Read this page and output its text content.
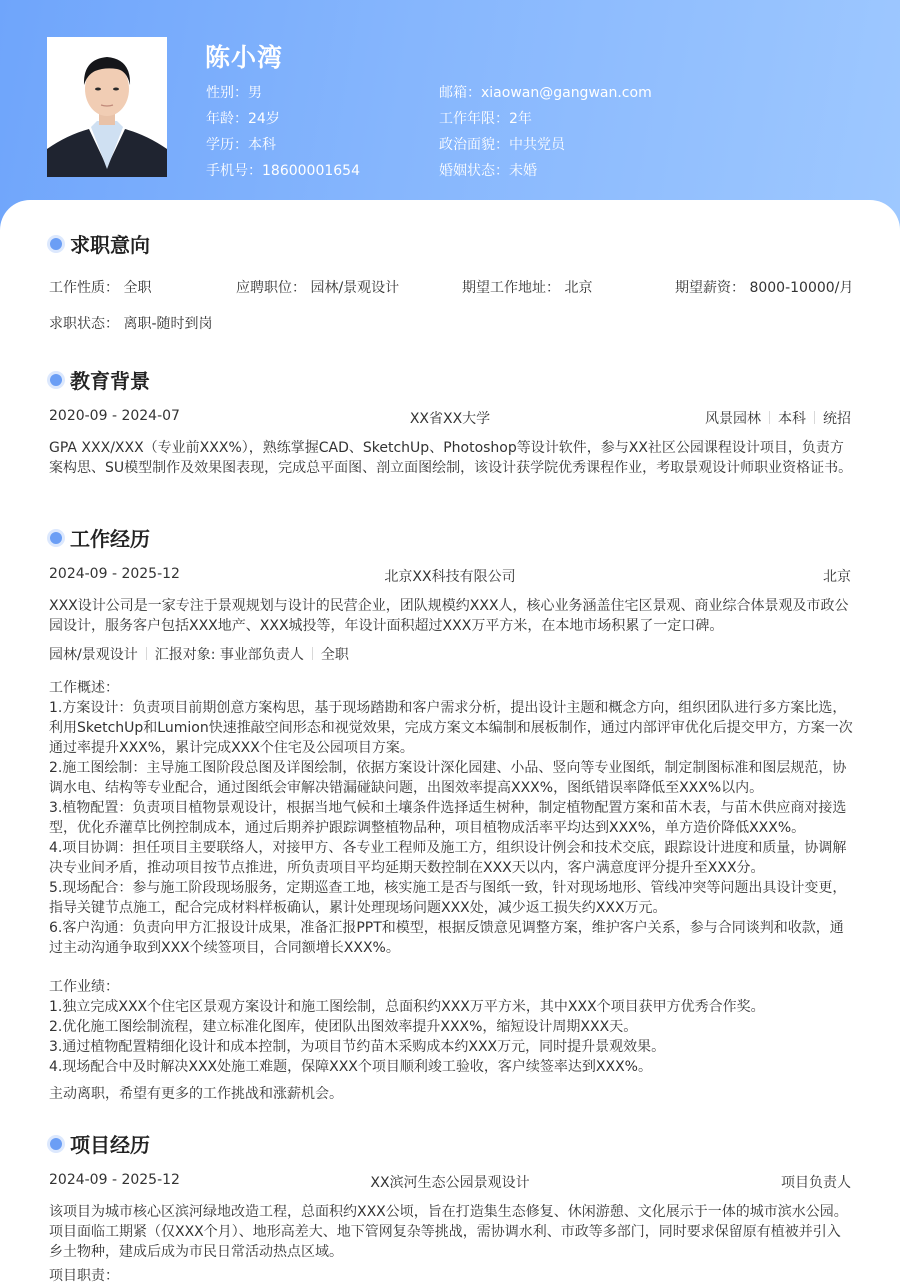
陈小湾
性别：男
年龄：24岁
学历：本科
手机号：18600001654
邮箱：xiaowan@gangwan.com
工作年限：2年
政治面貌：中共党员
婚姻状态：未婚
求职意向
工作性质： 全职	应聘职位： 园林/景观设计	期望工作地址： 北京	期望薪资： 8000-10000/月
求职状态： 离职-随时到岗
教育背景
2020-09 - 2024-07	XX省XX大学	风景园林 本科 统招
GPA XXX/XXX（专业前XXX%），熟练掌握CAD、SketchUp、Photoshop等设计软件，参与XX社区公园课程设计项目，负责方案构思、SU模型制作及效果图表现，完成总平面图、剖立面图绘制，该设计获学院优秀课程作业，考取景观设计师职业资格证书。
工作经历
2024-09 - 2025-12	北京XX科技有限公司	北京
XXX设计公司是一家专注于景观规划与设计的民营企业，团队规模约XXX人，核心业务涵盖住宅区景观、商业综合体景观及市政公园设计，服务客户包括XXX地产、XXX城投等，年设计面积超过XXX万平方米，在本地市场积累了一定口碑。
园林/景观设计 汇报对象: 事业部负责人 全职
工作概述：
1.方案设计：负责项目前期创意方案构思，基于现场踏勘和客户需求分析，提出设计主题和概念方向，组织团队进行多方案比选，利用SketchUp和Lumion快速推敲空间形态和视觉效果，完成方案文本编制和展板制作，通过内部评审优化后提交甲方，方案一次通过率提升XXX%，累计完成XXX个住宅及公园项目方案。
2.施工图绘制：主导施工图阶段总图及详图绘制，依据方案设计深化园建、小品、竖向等专业图纸，制定制图标准和图层规范，协调水电、结构等专业配合，通过图纸会审解决错漏碰缺问题，出图效率提高XXX%，图纸错误率降低至XXX%以内。
3.植物配置：负责项目植物景观设计，根据当地气候和土壤条件选择适生树种，制定植物配置方案和苗木表，与苗木供应商对接选型，优化乔灌草比例控制成本，通过后期养护跟踪调整植物品种，项目植物成活率平均达到XXX%，单方造价降低XXX%。
4.项目协调：担任项目主要联络人，对接甲方、各专业工程师及施工方，组织设计例会和技术交底，跟踪设计进度和质量，协调解决专业间矛盾，推动项目按节点推进，所负责项目平均延期天数控制在XXX天以内，客户满意度评分提升至XXX分。
5.现场配合：参与施工阶段现场服务，定期巡查工地，核实施工是否与图纸一致，针对现场地形、管线冲突等问题出具设计变更，指导关键节点施工，配合完成材料样板确认，累计处理现场问题XXX处，减少返工损失约XXX万元。
6.客户沟通：负责向甲方汇报设计成果，准备汇报PPT和模型，根据反馈意见调整方案，维护客户关系，参与合同谈判和收款，通过主动沟通争取到XXX个续签项目，合同额增长XXX%。
工作业绩：
1.独立完成XXX个住宅区景观方案设计和施工图绘制，总面积约XXX万平方米，其中XXX个项目获甲方优秀合作奖。
2.优化施工图绘制流程，建立标准化图库，使团队出图效率提升XXX%，缩短设计周期XXX天。
3.通过植物配置精细化设计和成本控制，为项目节约苗木采购成本约XXX万元，同时提升景观效果。
4.现场配合中及时解决XXX处施工难题，保障XXX个项目顺利竣工验收，客户续签率达到XXX%。
主动离职，希望有更多的工作挑战和涨薪机会。
项目经历
2024-09 - 2025-12	XX滨河生态公园景观设计	项目负责人
该项目为城市核心区滨河绿地改造工程，总面积约XXX公顷，旨在打造集生态修复、休闲游憩、文化展示于一体的城市滨水公园。项目面临工期紧（仅XXX个月）、地形高差大、地下管网复杂等挑战，需协调水利、市政等多部门，同时要求保留原有植被并引入乡土物种，建成后成为市民日常活动热点区域。
项目职责：
